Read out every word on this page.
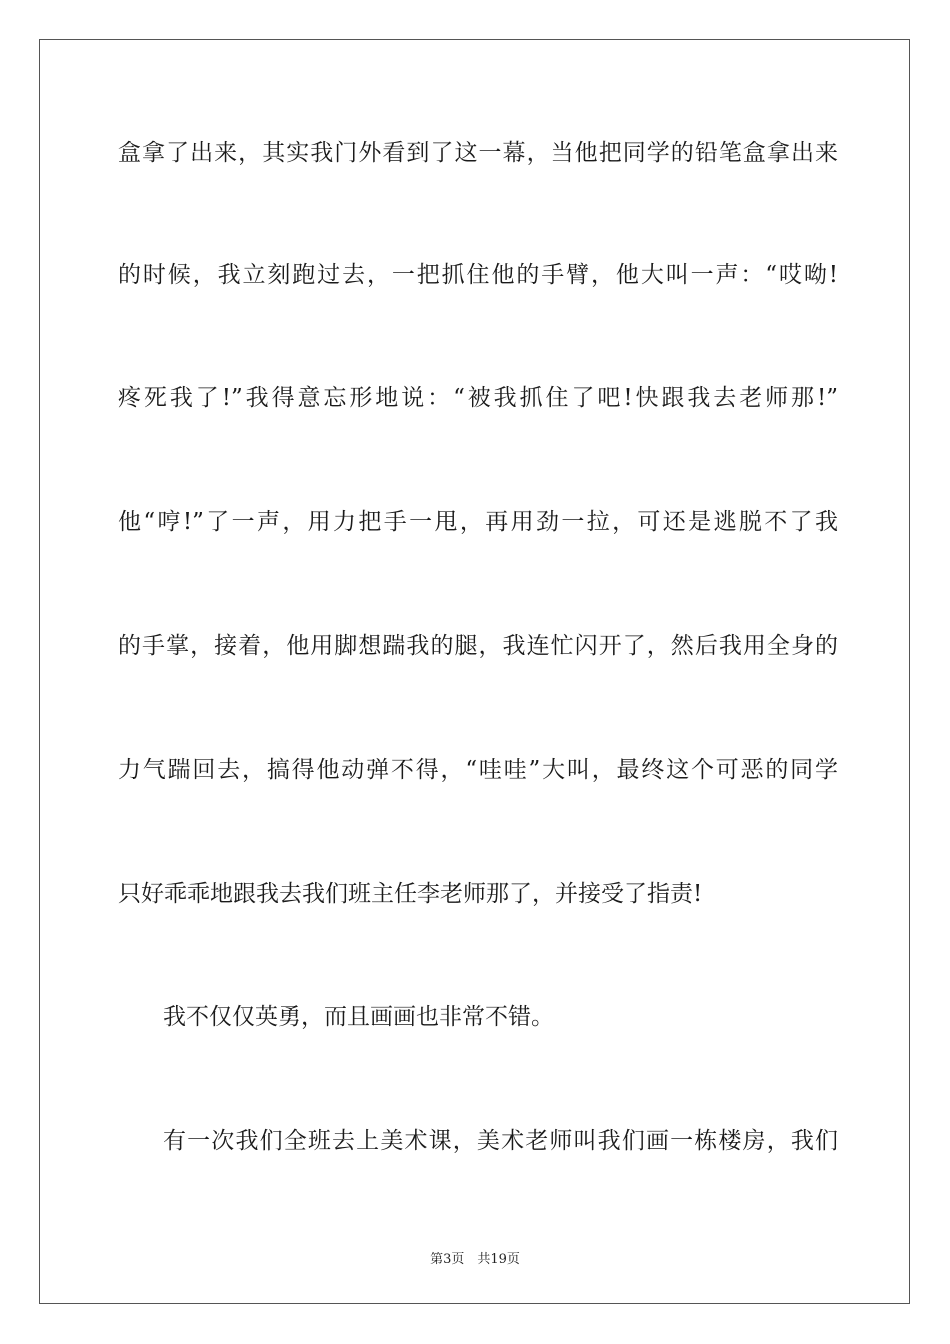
盒拿了出来，其实我门外看到了这一幕，当他把同学的铅笔盒拿出来
的时候，我立刻跑过去，一把抓住他的手臂，他大叫一声：“哎呦!
疼死我了!”我得意忘形地说：“被我抓住了吧!快跟我去老师那!”
他“哼!”了一声，用力把手一甩，再用劲一拉，可还是逃脱不了我
的手掌，接着，他用脚想踹我的腿，我连忙闪开了，然后我用全身的
力气踹回去，搞得他动弹不得，“哇哇”大叫，最终这个可恶的同学
只好乖乖地跟我去我们班主任李老师那了，并接受了指责!
我不仅仅英勇，而且画画也非常不错。
有一次我们全班去上美术课，美术老师叫我们画一栋楼房，我们
第3页　共19页
